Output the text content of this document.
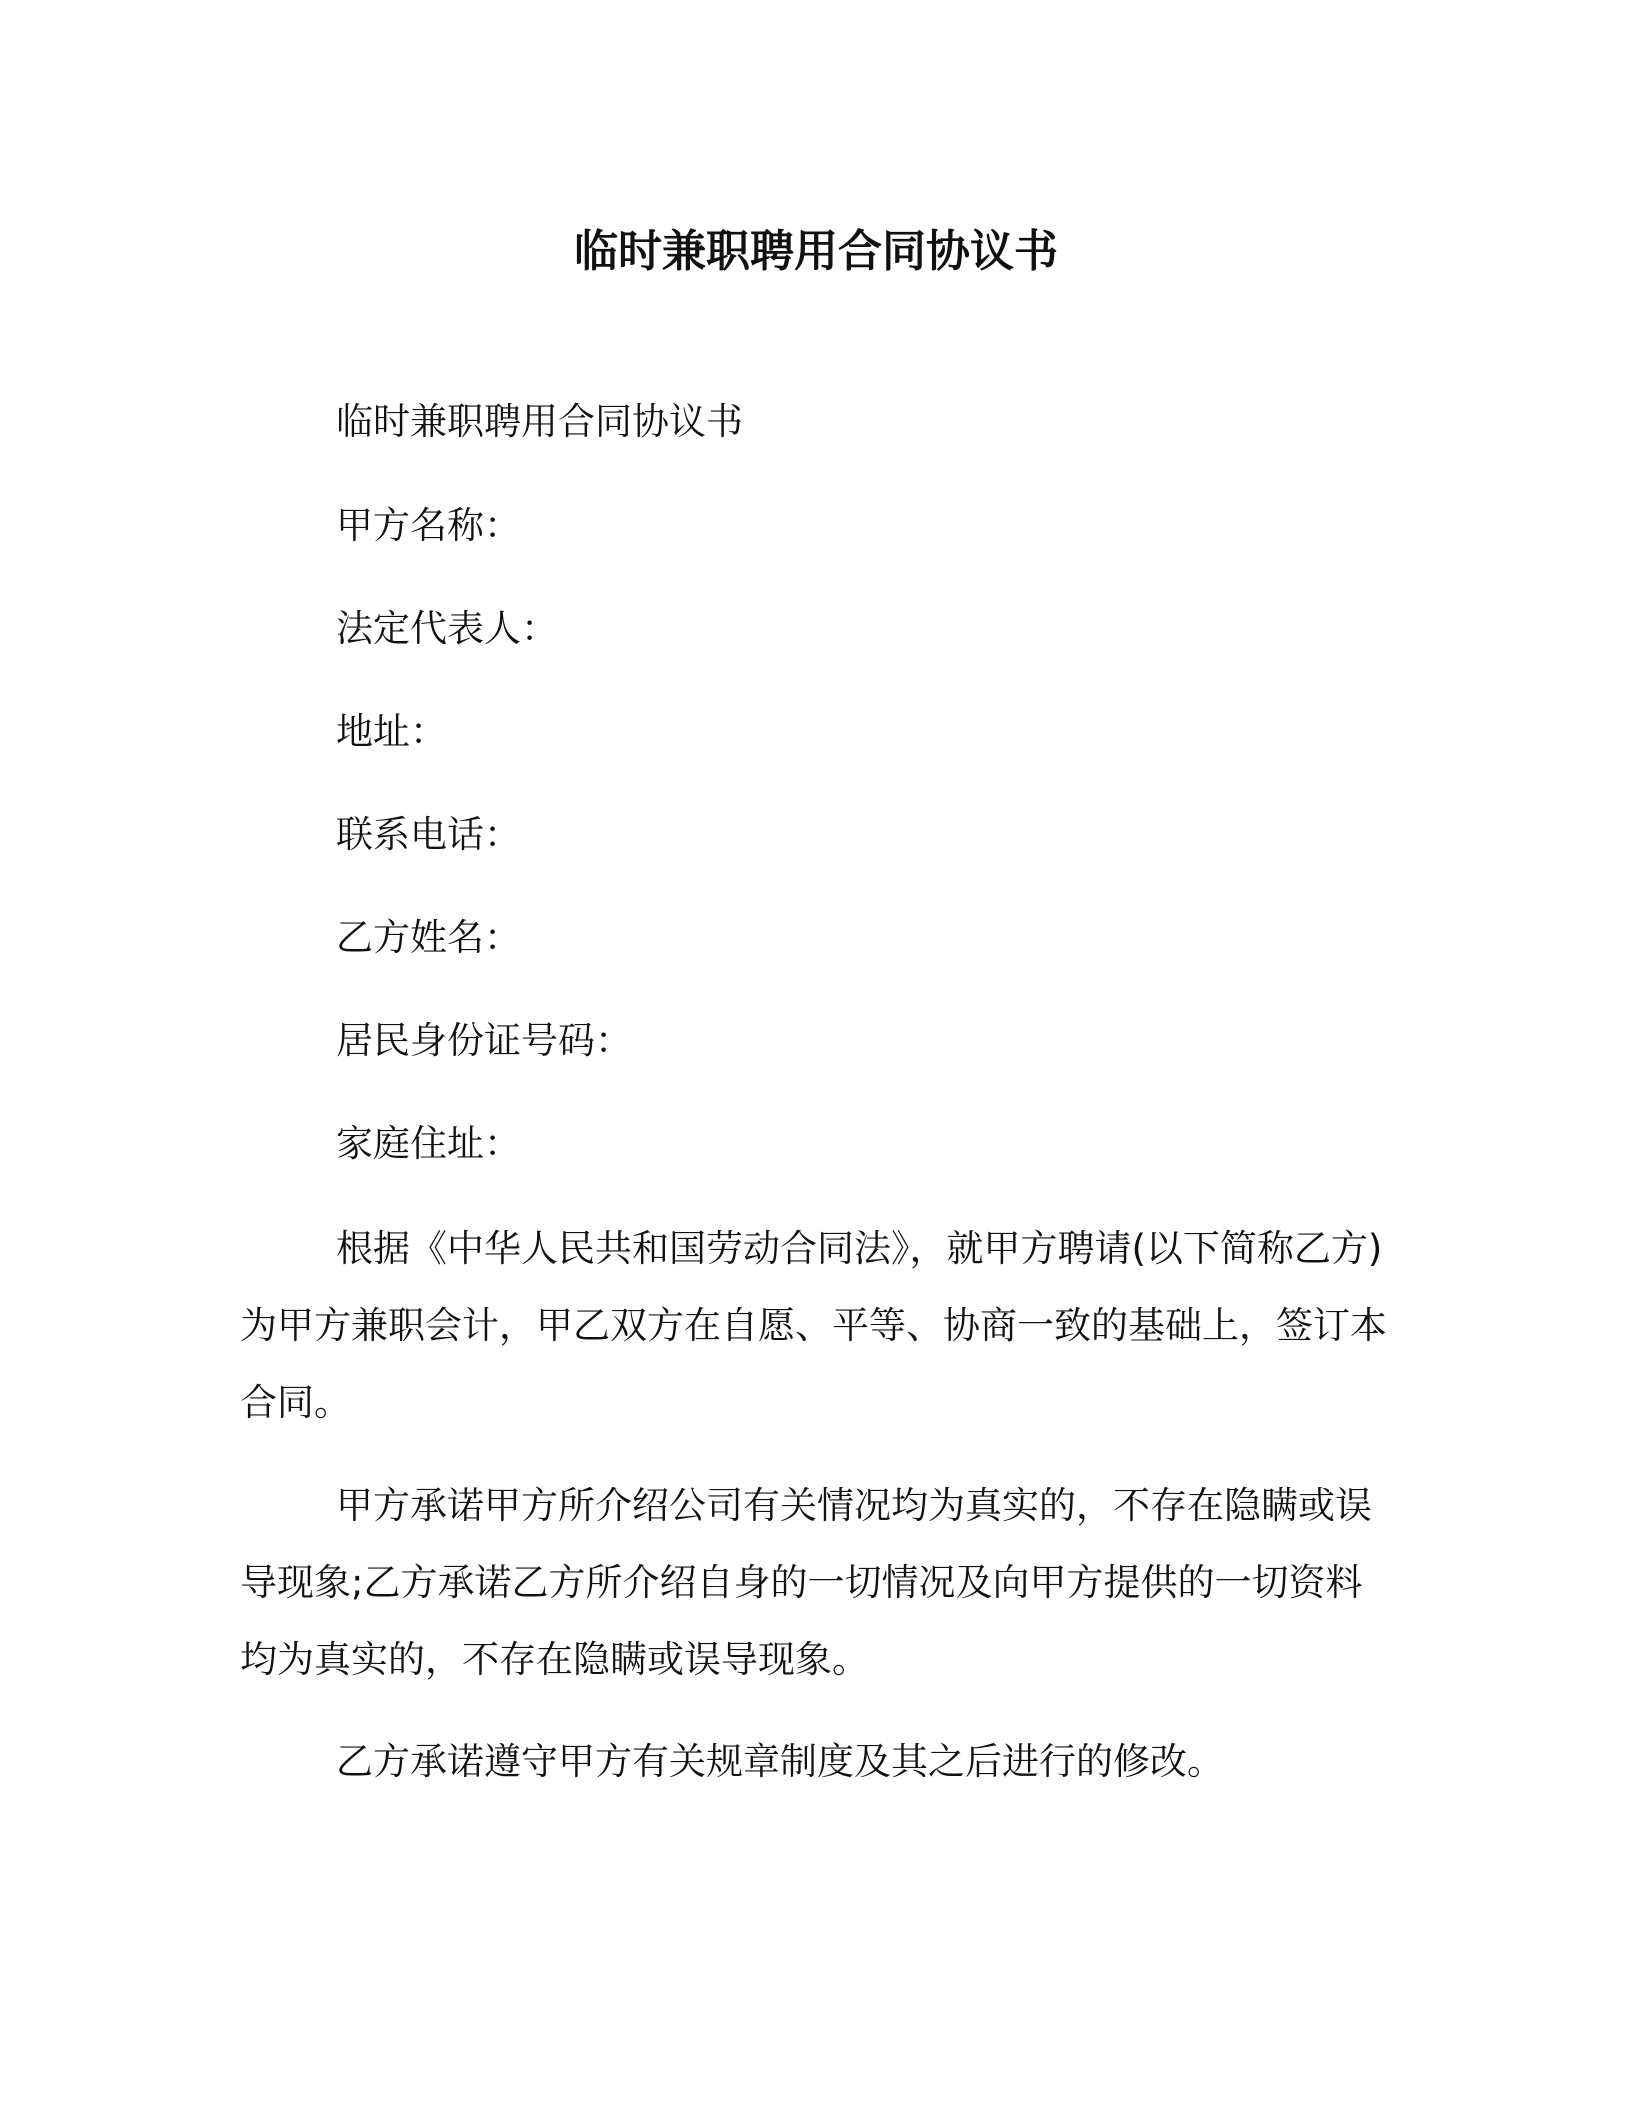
临时兼职聘用合同协议书
临时兼职聘用合同协议书
甲方名称：
法定代表人：
地址：
联系电话：
乙方姓名：
居民身份证号码：
家庭住址：
根据《中华人民共和国劳动合同法》，就甲方聘请(以下简称乙方)为甲方兼职会计，甲乙双方在自愿、平等、协商一致的基础上，签订本合同。
甲方承诺甲方所介绍公司有关情况均为真实的，不存在隐瞒或误导现象;乙方承诺乙方所介绍自身的一切情况及向甲方提供的一切资料均为真实的，不存在隐瞒或误导现象。
乙方承诺遵守甲方有关规章制度及其之后进行的修改。
